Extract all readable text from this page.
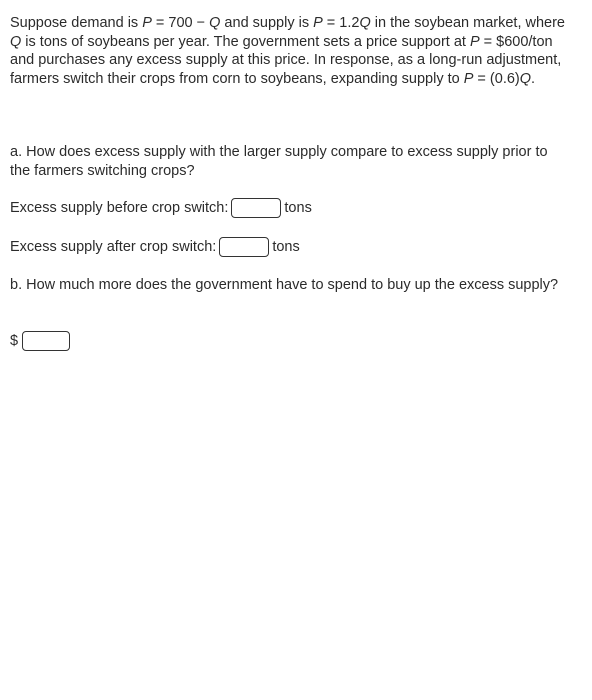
Suppose demand is P = 700 − Q and supply is P = 1.2Q in the soybean market, where Q is tons of soybeans per year. The government sets a price support at P = $600/ton and purchases any excess supply at this price. In response, as a long-run adjustment, farmers switch their crops from corn to soybeans, expanding supply to P = (0.6)Q.

a. How does excess supply with the larger supply compare to excess supply prior to the farmers switching crops?
Excess supply before crop switch:	tons
Excess supply after crop switch:	tons
b. How much more does the government have to spend to buy up the excess supply?
$
